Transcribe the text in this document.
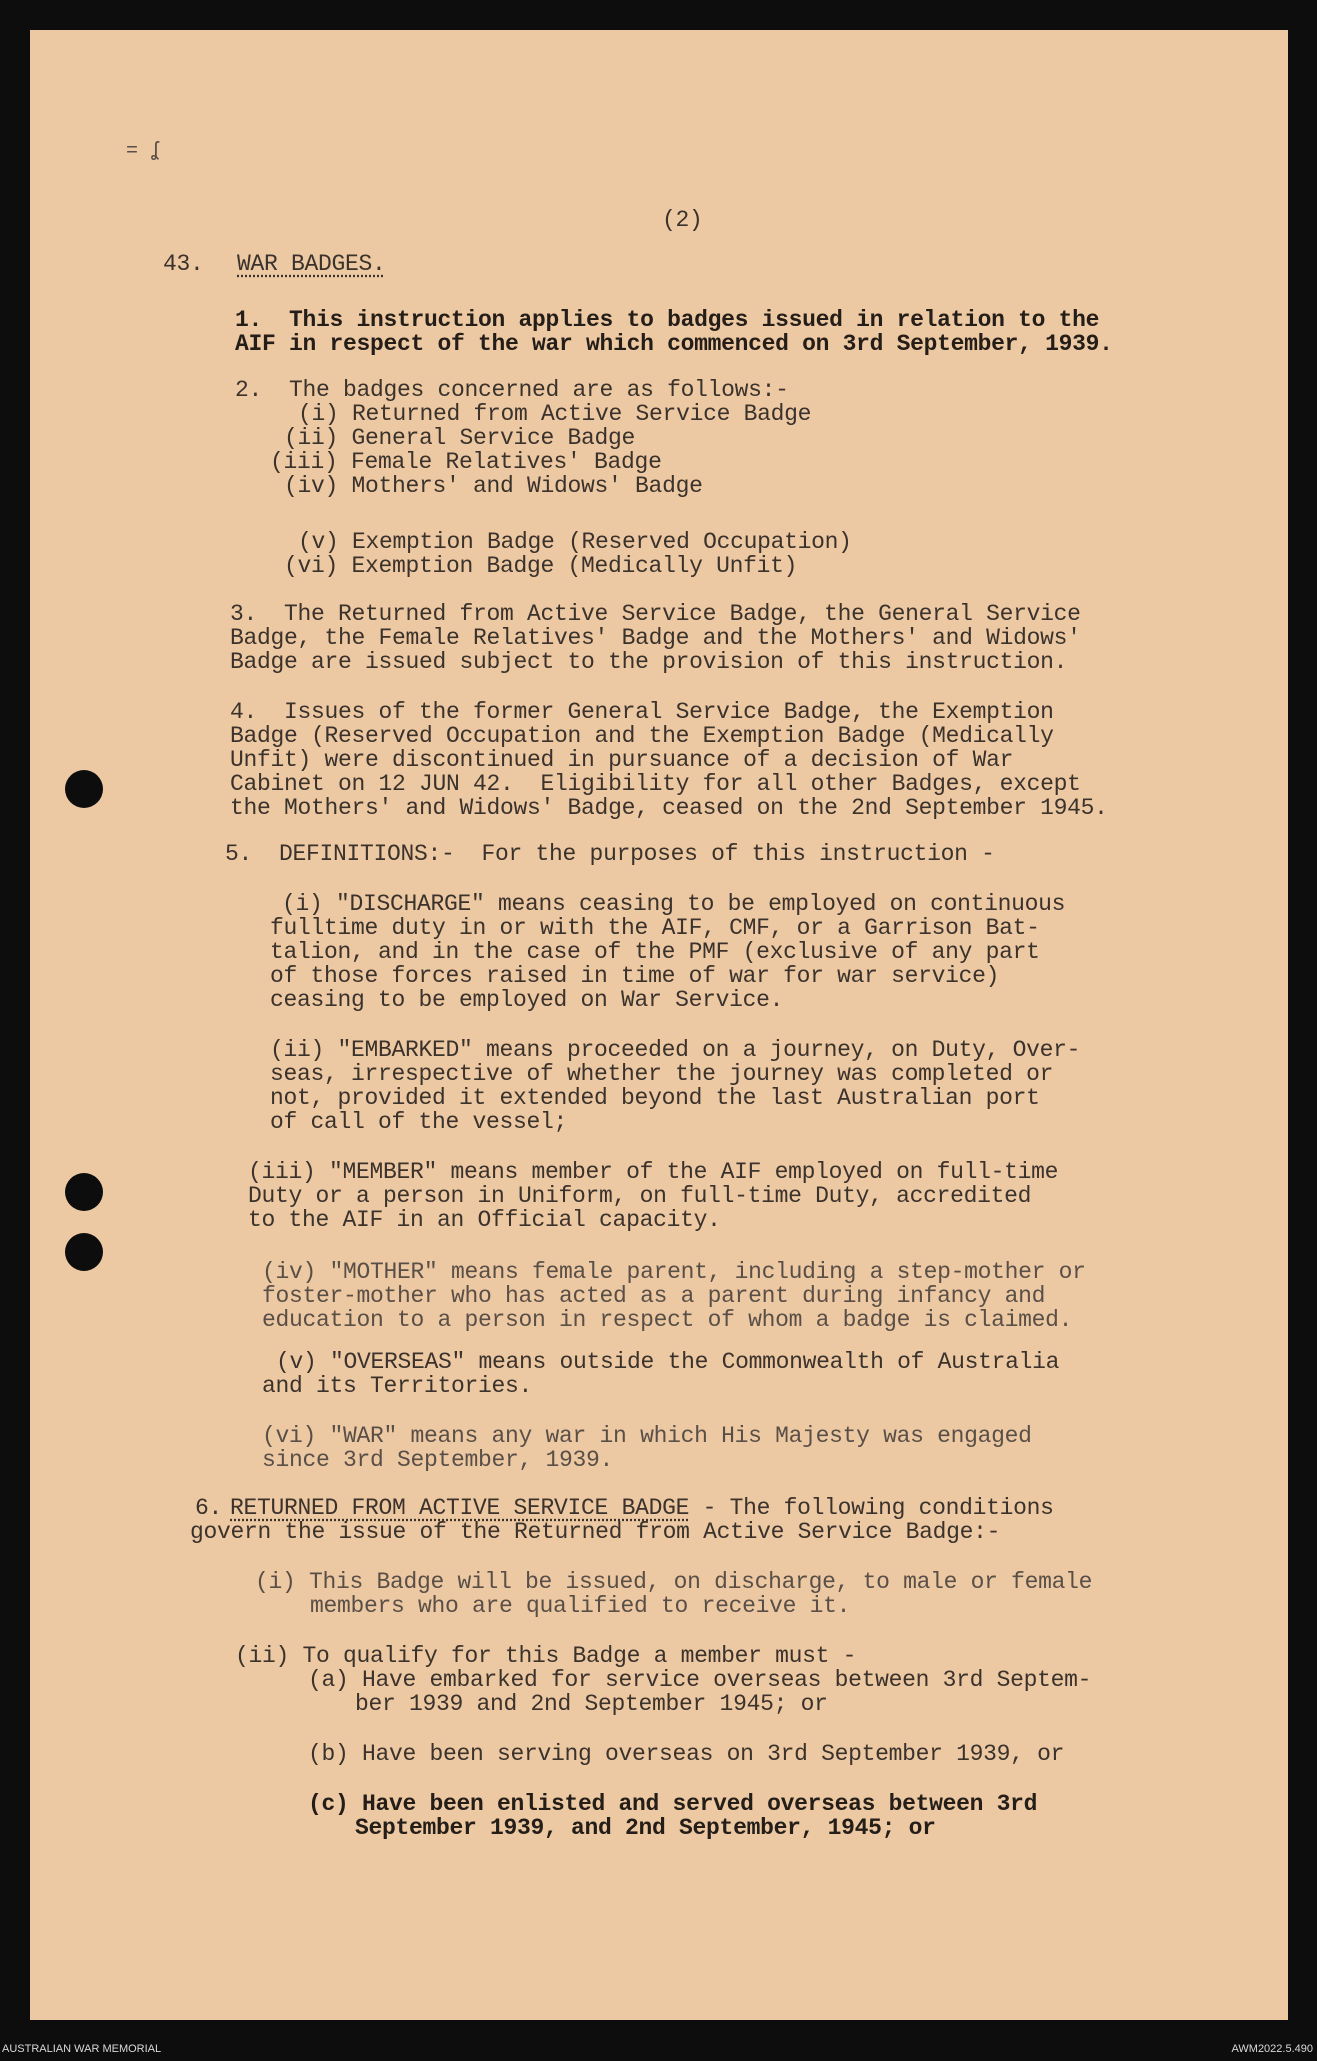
= ʆ
(2)
43. WAR BADGES.
1.  This instruction applies to badges issued in relation to the
AIF in respect of the war which commenced on 3rd September, 1939.
2.  The badges concerned are as follows:-
(i) Returned from Active Service Badge
(ii) General Service Badge
(iii) Female Relatives' Badge
(iv) Mothers' and Widows' Badge
(v) Exemption Badge (Reserved Occupation)
(vi) Exemption Badge (Medically Unfit)
3.  The Returned from Active Service Badge, the General Service
Badge, the Female Relatives' Badge and the Mothers' and Widows'
Badge are issued subject to the provision of this instruction.
4.  Issues of the former General Service Badge, the Exemption
Badge (Reserved Occupation and the Exemption Badge (Medically
Unfit) were discontinued in pursuance of a decision of War
Cabinet on 12 JUN 42.  Eligibility for all other Badges, except
the Mothers' and Widows' Badge, ceased on the 2nd September 1945.
5.  DEFINITIONS:-  For the purposes of this instruction -
(i) "DISCHARGE" means ceasing to be employed on continuous
fulltime duty in or with the AIF, CMF, or a Garrison Bat-
talion, and in the case of the PMF (exclusive of any part
of those forces raised in time of war for war service)
ceasing to be employed on War Service.
(ii) "EMBARKED" means proceeded on a journey, on Duty, Over-
seas, irrespective of whether the journey was completed or
not, provided it extended beyond the last Australian port
of call of the vessel;
(iii) "MEMBER" means member of the AIF employed on full-time
Duty or a person in Uniform, on full-time Duty, accredited
to the AIF in an Official capacity.
(iv) "MOTHER" means female parent, including a step-mother or
foster-mother who has acted as a parent during infancy and
education to a person in respect of whom a badge is claimed.
(v) "OVERSEAS" means outside the Commonwealth of Australia
and its Territories.
(vi) "WAR" means any war in which His Majesty was engaged
since 3rd September, 1939.
6. RETURNED FROM ACTIVE SERVICE BADGE - The following conditions
govern the issue of the Returned from Active Service Badge:-
(i) This Badge will be issued, on discharge, to male or female
members who are qualified to receive it.
(ii) To qualify for this Badge a member must -
(a) Have embarked for service overseas between 3rd Septem-
ber 1939 and 2nd September 1945; or
(b) Have been serving overseas on 3rd September 1939, or
(c) Have been enlisted and served overseas between 3rd
September 1939, and 2nd September, 1945; or
AUSTRALIAN WAR MEMORIAL	AWM2022.5.490
